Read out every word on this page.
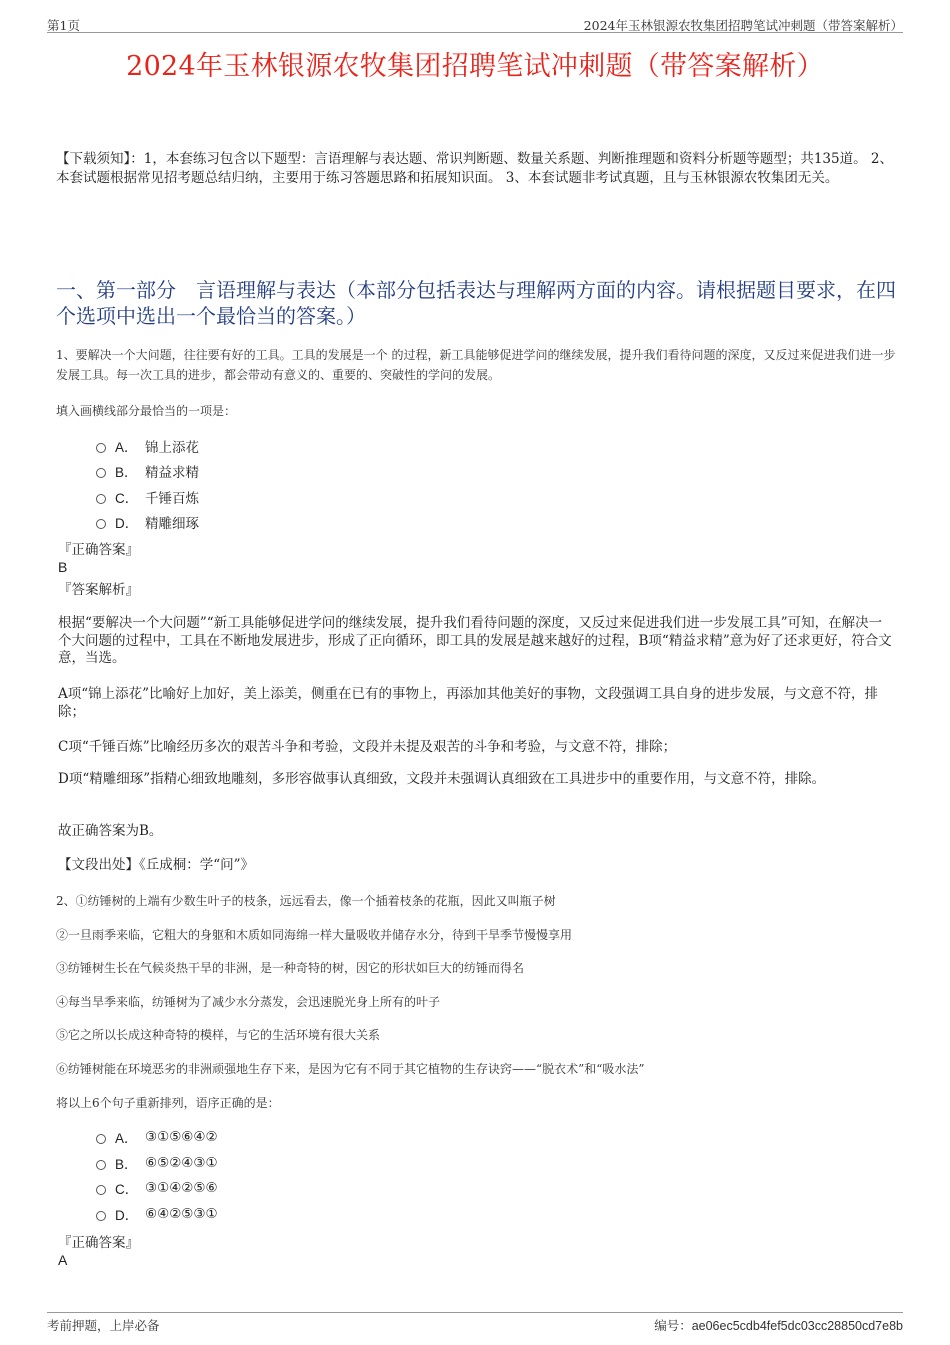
第1页	2024年玉林银源农牧集团招聘笔试冲刺题（带答案解析）
2024年玉林银源农牧集团招聘笔试冲刺题（带答案解析）
【下载须知】：1，本套练习包含以下题型：言语理解与表达题、常识判断题、数量关系题、判断推理题和资料分析题等题型；共135道。 2、本套试题根据常见招考题总结归纳，主要用于练习答题思路和拓展知识面。 3、本套试题非考试真题，且与玉林银源农牧集团无关。
一、第一部分　言语理解与表达（本部分包括表达与理解两方面的内容。请根据题目要求，在四个选项中选出一个最恰当的答案。）
1、要解决一个大问题，往往要有好的工具。工具的发展是一个 的过程，新工具能够促进学问的继续发展，提升我们看待问题的深度，又反过来促进我们进一步发展工具。每一次工具的进步，都会带动有意义的、重要的、突破性的学问的发展。
填入画横线部分最恰当的一项是：
A． 锦上添花
B． 精益求精
C． 千锤百炼
D． 精雕细琢
『正确答案』
B
『答案解析』
根据“要解决一个大问题”“新工具能够促进学问的继续发展，提升我们看待问题的深度，又反过来促进我们进一步发展工具”可知，在解决一个大问题的过程中，工具在不断地发展进步，形成了正向循环，即工具的发展是越来越好的过程，B项“精益求精”意为好了还求更好，符合文意，当选。
A项“锦上添花”比喻好上加好，美上添美，侧重在已有的事物上，再添加其他美好的事物，文段强调工具自身的进步发展，与文意不符，排除；
C项“千锤百炼”比喻经历多次的艰苦斗争和考验，文段并未提及艰苦的斗争和考验，与文意不符，排除；
D项“精雕细琢”指精心细致地雕刻，多形容做事认真细致，文段并未强调认真细致在工具进步中的重要作用，与文意不符，排除。
故正确答案为B。
【文段出处】《丘成桐：学“问”》
2、①纺锤树的上端有少数生叶子的枝条，远远看去，像一个插着枝条的花瓶，因此又叫瓶子树
②一旦雨季来临，它粗大的身躯和木质如同海绵一样大量吸收并储存水分，待到干旱季节慢慢享用
③纺锤树生长在气候炎热干旱的非洲，是一种奇特的树，因它的形状如巨大的纺锤而得名
④每当旱季来临，纺锤树为了减少水分蒸发，会迅速脱光身上所有的叶子
⑤它之所以长成这种奇特的模样，与它的生活环境有很大关系
⑥纺锤树能在环境恶劣的非洲顽强地生存下来，是因为它有不同于其它植物的生存诀窍——“脱衣术”和“吸水法”
将以上6个句子重新排列，语序正确的是：
A． ③①⑤⑥④②
B． ⑥⑤②④③①
C． ③①④②⑤⑥
D． ⑥④②⑤③①
『正确答案』
A
考前押题，上岸必备	编号：ae06ec5cdb4fef5dc03cc28850cd7e8b
